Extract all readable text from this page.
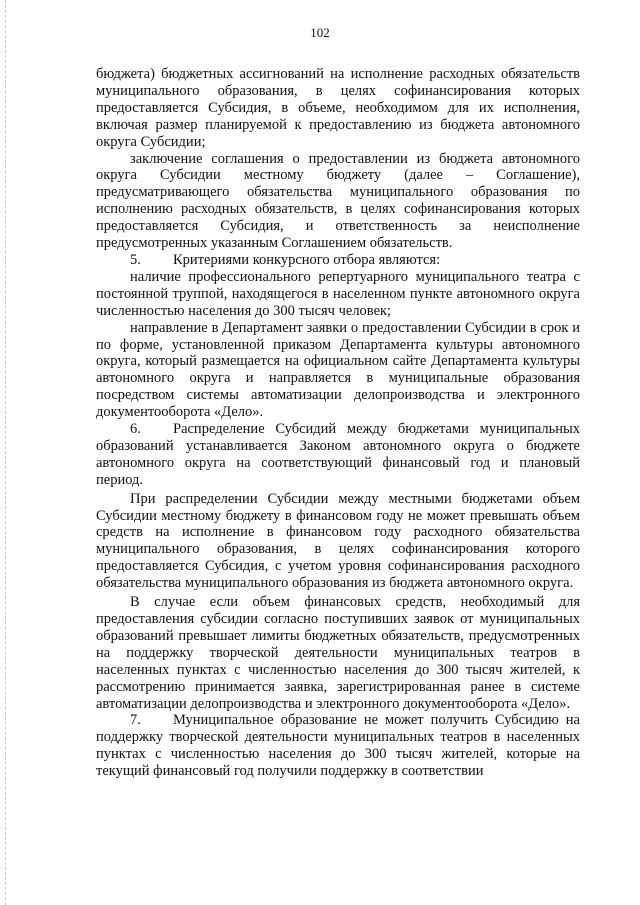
102

бюджета) бюджетных ассигнований на исполнение расходных обязательств муниципального образования, в целях софинансирования которых предоставляется Субсидия, в объеме, необходимом для их исполнения, включая размер планируемой к предоставлению из бюджета автономного округа Субсидии;

заключение соглашения о предоставлении из бюджета автономного округа Субсидии местному бюджету (далее – Соглашение), предусматривающего обязательства муниципального образования по исполнению расходных обязательств, в целях софинансирования которых предоставляется Субсидия, и ответственность за неисполнение предусмотренных указанным Соглашением обязательств.

5. Критериями конкурсного отбора являются:

наличие профессионального репертуарного муниципального театра с постоянной труппой, находящегося в населенном пункте автономного округа численностью населения до 300 тысяч человек;

направление в Департамент заявки о предоставлении Субсидии в срок и по форме, установленной приказом Департамента культуры автономного округа, который размещается на официальном сайте Департамента культуры автономного округа и направляется в муниципальные образования посредством системы автоматизации делопроизводства и электронного документооборота «Дело».

6. Распределение Субсидий между бюджетами муниципальных образований устанавливается Законом автономного округа о бюджете автономного округа на соответствующий финансовый год и плановый период.

При распределении Субсидии между местными бюджетами объем Субсидии местному бюджету в финансовом году не может превышать объем средств на исполнение в финансовом году расходного обязательства муниципального образования, в целях софинансирования которого предоставляется Субсидия, с учетом уровня софинансирования расходного обязательства муниципального образования из бюджета автономного округа.

В случае если объем финансовых средств, необходимый для предоставления субсидии согласно поступивших заявок от муниципальных образований превышает лимиты бюджетных обязательств, предусмотренных на поддержку творческой деятельности муниципальных театров в населенных пунктах с численностью населения до 300 тысяч жителей, к рассмотрению принимается заявка, зарегистрированная ранее в системе автоматизации делопроизводства и электронного документооборота «Дело».

7. Муниципальное образование не может получить Субсидию на поддержку творческой деятельности муниципальных театров в населенных пунктах с численностью населения до 300 тысяч жителей, которые на текущий финансовый год получили поддержку в соответствии
